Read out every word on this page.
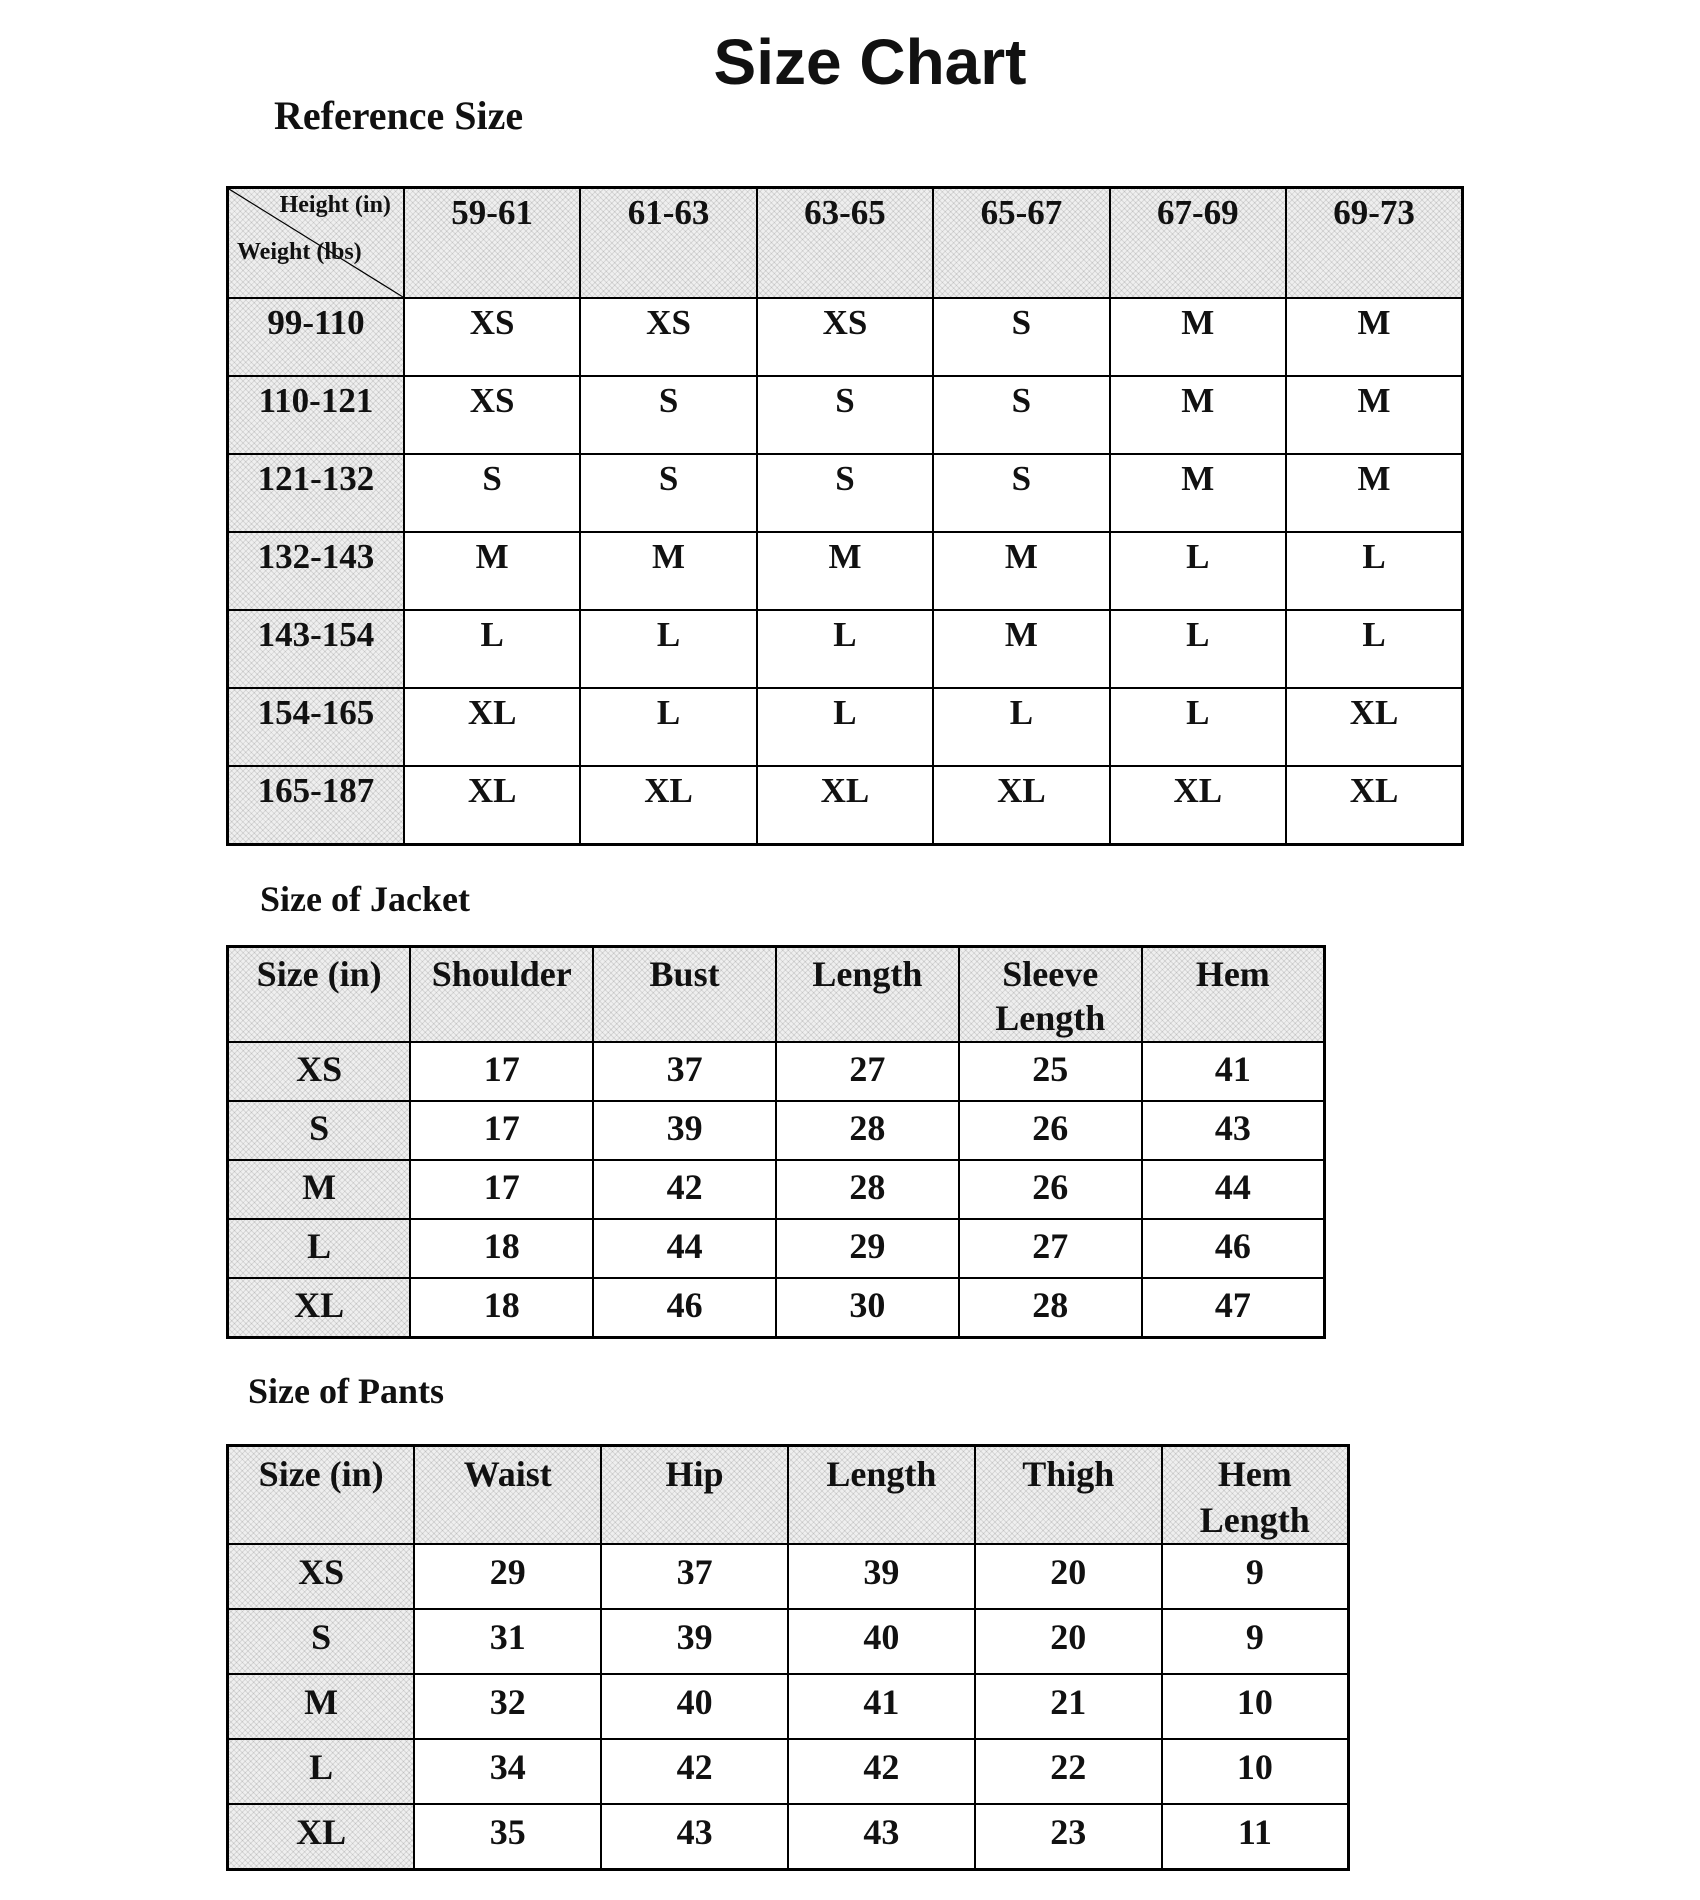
Size Chart
Reference Size
Height (in)
Weight (lbs)	59-61	61-63	63-65	65-67	67-69	69-73

99-110	XS	XS	XS	S	M	M

110-121	XS	S	S	S	M	M

121-132	S	S	S	S	M	M

132-143	M	M	M	M	L	L

143-154	L	L	L	M	L	L

154-165	XL	L	L	L	L	XL

165-187	XL	XL	XL	XL	XL	XL
Size of Jacket
Size (in)	Shoulder	Bust	Length	Sleeve Length	Hem

XS	17	37	27	25	41

S	17	39	28	26	43

M	17	42	28	26	44

L	18	44	29	27	46

XL	18	46	30	28	47
Size of Pants
Size (in)	Waist	Hip	Length	Thigh	Hem Length

XS	29	37	39	20	9

S	31	39	40	20	9

M	32	40	41	21	10

L	34	42	42	22	10

XL	35	43	43	23	11
